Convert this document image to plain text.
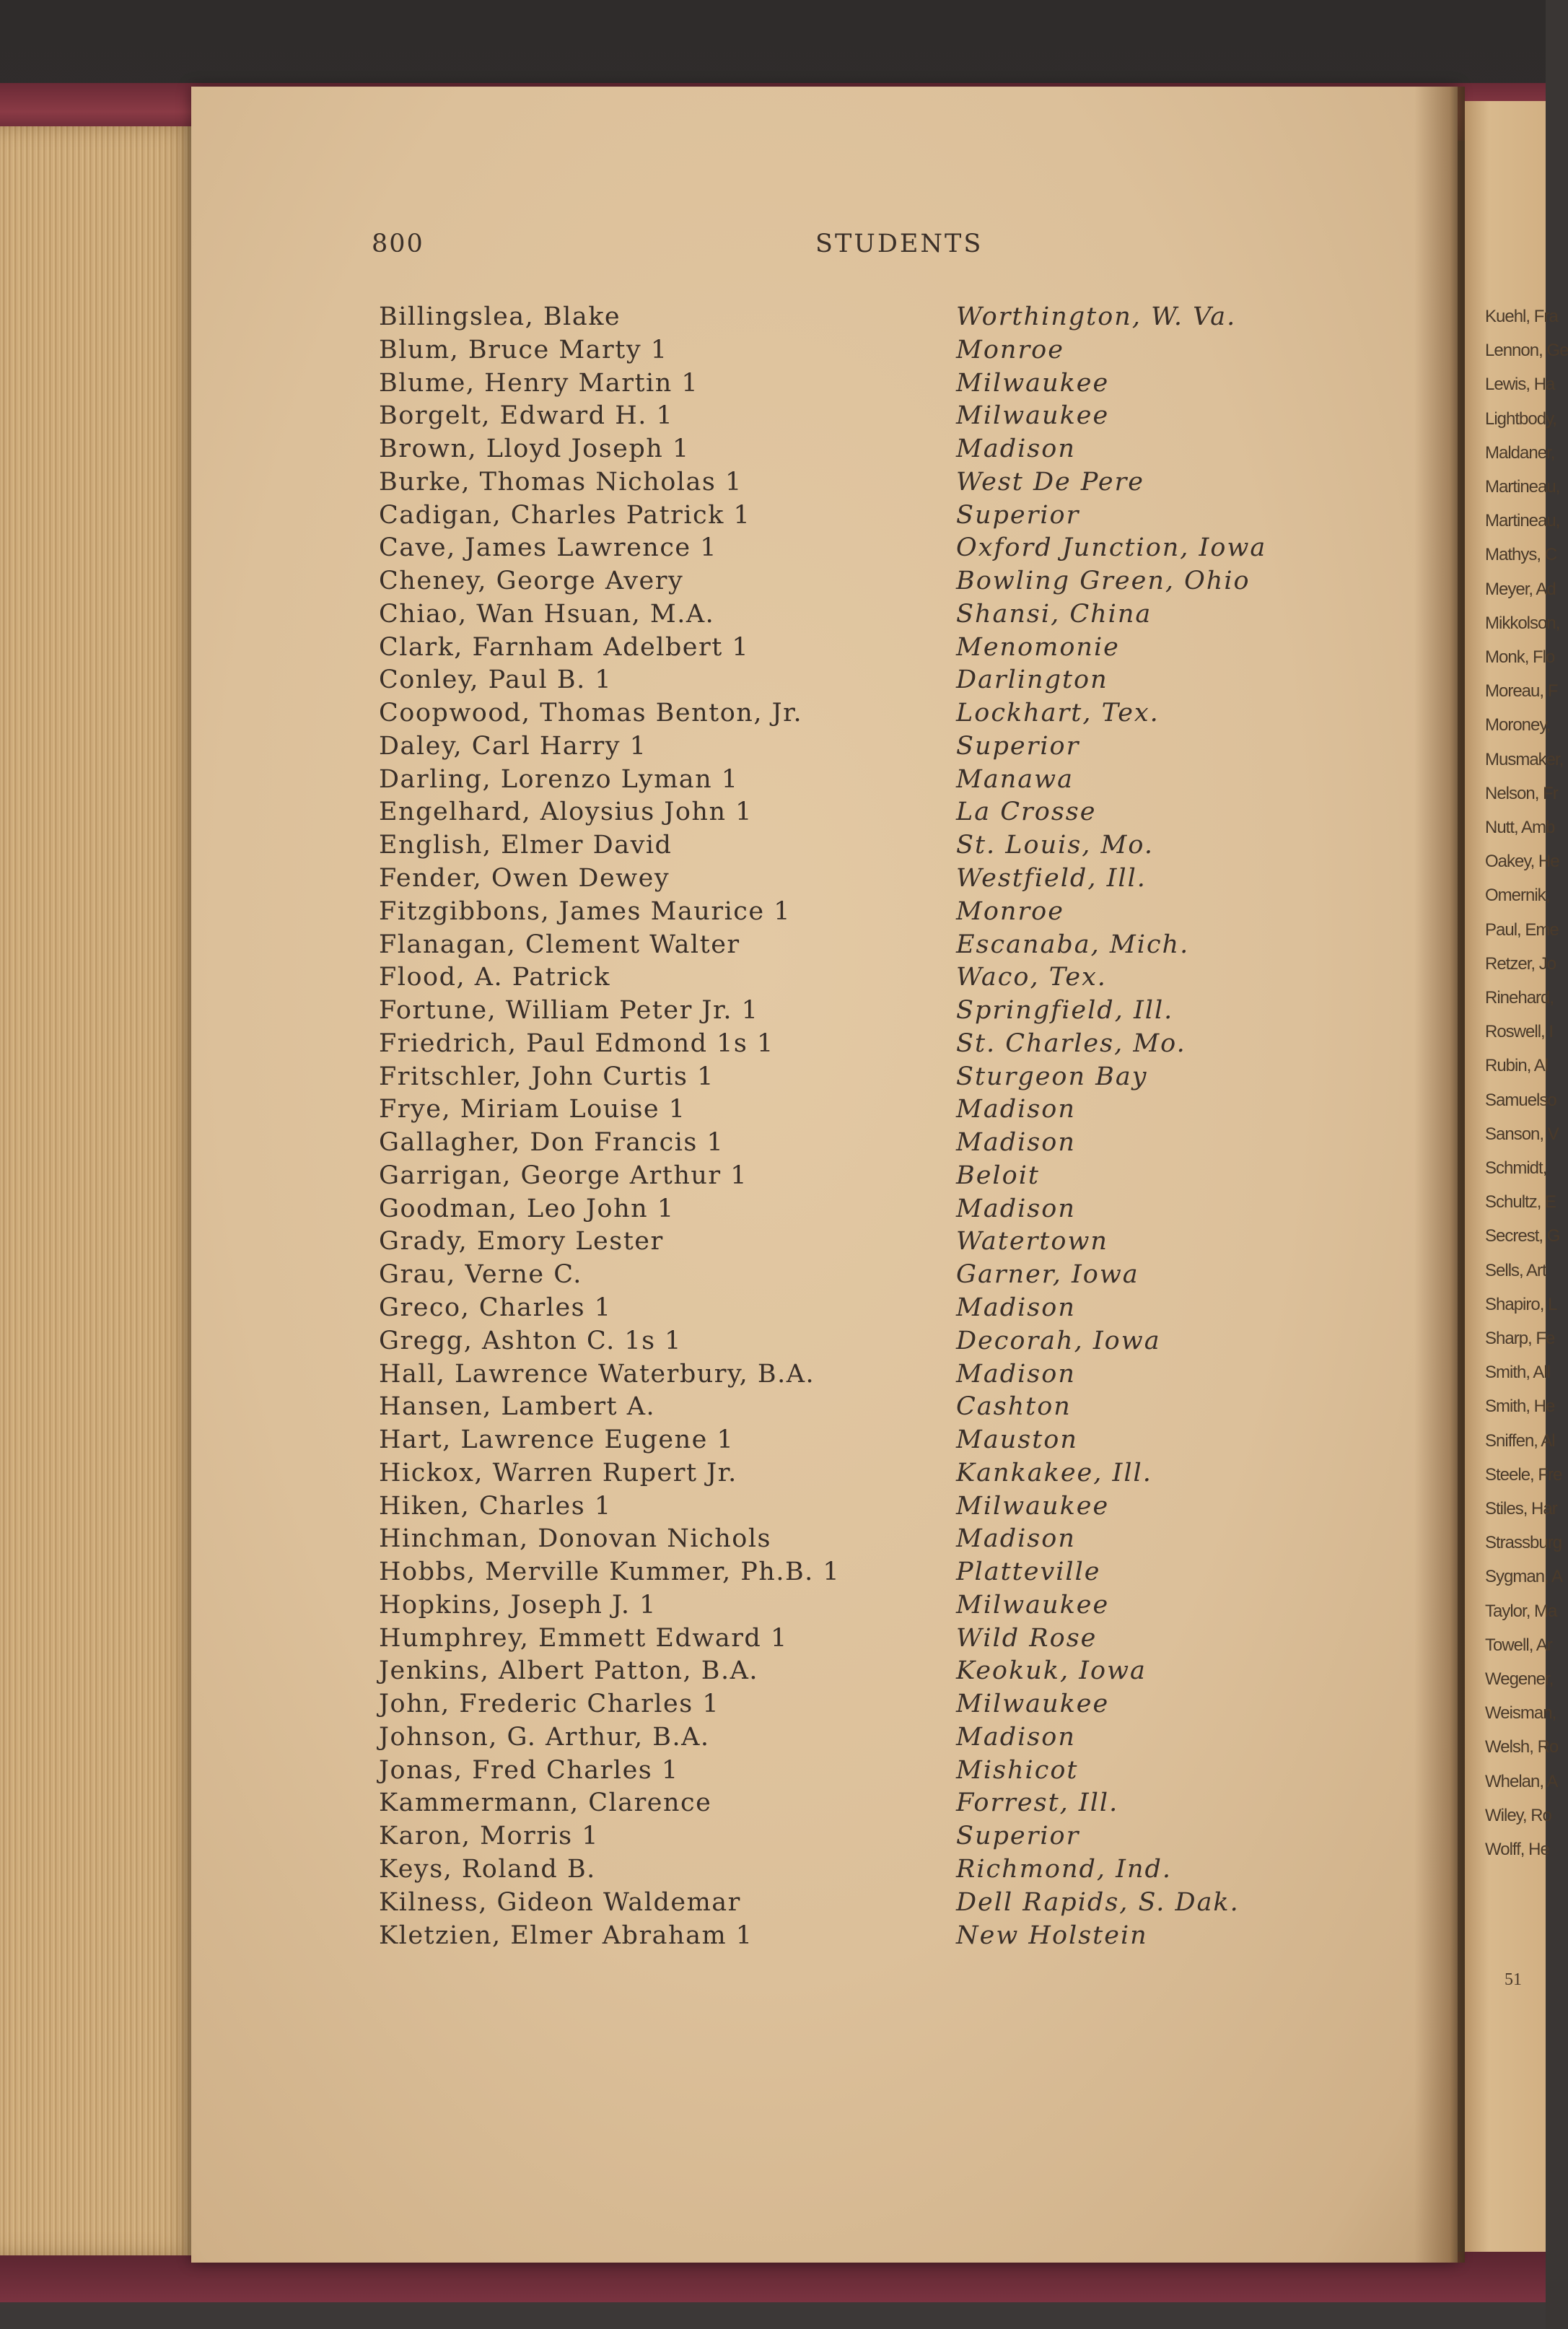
Kuehl, Fra
Lennon, Ge
Lewis, Ha
Lightbody,
Maldaner,
Martineau,
Martineau,
Mathys, C
Meyer, Ad
Mikkolson,
Monk, Flo
Moreau, F
Moroney,
Musmaker,
Nelson, Fr
Nutt, Amb
Oakey, He
Omernik,
Paul, Eme
Retzer, Jo
Rinehard,
Roswell, I
Rubin, Al
Samuelso
Sanson, V
Schmidt,
Schultz, E
Secrest, G
Sells, Art
Shapiro, L
Sharp, Fe
Smith, All
Smith, He
Sniffen, Al
Steele, Fre
Stiles, Har
Strassburg
Sygman, A
Taylor, Ma
Towell, Ar
Wegener,
Weisman,
Welsh, Ro
Whelan, A
Wiley, Ro
Wolff, He
51
800	STUDENTS
Billingslea, Blake	Worthington, W. Va.
Blum, Bruce Marty 1	Monroe
Blume, Henry Martin 1	Milwaukee
Borgelt, Edward H. 1	Milwaukee
Brown, Lloyd Joseph 1	Madison
Burke, Thomas Nicholas 1	West De Pere
Cadigan, Charles Patrick 1	Superior
Cave, James Lawrence 1	Oxford Junction, Iowa
Cheney, George Avery	Bowling Green, Ohio
Chiao, Wan Hsuan, M.A.	Shansi, China
Clark, Farnham Adelbert 1	Menomonie
Conley, Paul B. 1	Darlington
Coopwood, Thomas Benton, Jr.	Lockhart, Tex.
Daley, Carl Harry 1	Superior
Darling, Lorenzo Lyman 1	Manawa
Engelhard, Aloysius John 1	La Crosse
English, Elmer David	St. Louis, Mo.
Fender, Owen Dewey	Westfield, Ill.
Fitzgibbons, James Maurice 1	Monroe
Flanagan, Clement Walter	Escanaba, Mich.
Flood, A. Patrick	Waco, Tex.
Fortune, William Peter Jr. 1	Springfield, Ill.
Friedrich, Paul Edmond 1s 1	St. Charles, Mo.
Fritschler, John Curtis 1	Sturgeon Bay
Frye, Miriam Louise 1	Madison
Gallagher, Don Francis 1	Madison
Garrigan, George Arthur 1	Beloit
Goodman, Leo John 1	Madison
Grady, Emory Lester	Watertown
Grau, Verne C.	Garner, Iowa
Greco, Charles 1	Madison
Gregg, Ashton C. 1s 1	Decorah, Iowa
Hall, Lawrence Waterbury, B.A.	Madison
Hansen, Lambert A.	Cashton
Hart, Lawrence Eugene 1	Mauston
Hickox, Warren Rupert Jr.	Kankakee, Ill.
Hiken, Charles 1	Milwaukee
Hinchman, Donovan Nichols	Madison
Hobbs, Merville Kummer, Ph.B. 1	Platteville
Hopkins, Joseph J. 1	Milwaukee
Humphrey, Emmett Edward 1	Wild Rose
Jenkins, Albert Patton, B.A.	Keokuk, Iowa
John, Frederic Charles 1	Milwaukee
Johnson, G. Arthur, B.A.	Madison
Jonas, Fred Charles 1	Mishicot
Kammermann, Clarence	Forrest, Ill.
Karon, Morris 1	Superior
Keys, Roland B.	Richmond, Ind.
Kilness, Gideon Waldemar	Dell Rapids, S. Dak.
Kletzien, Elmer Abraham 1	New Holstein
